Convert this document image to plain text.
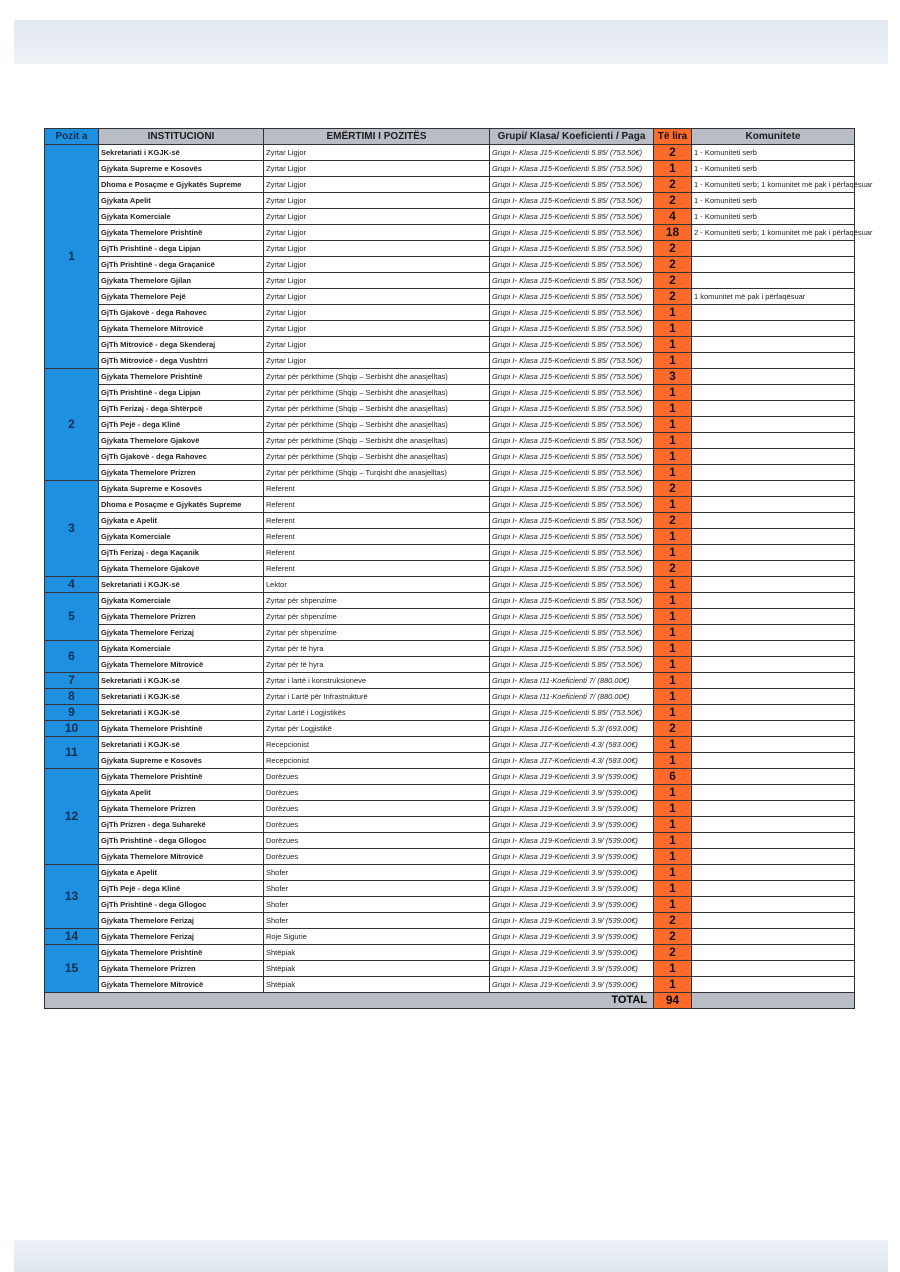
Pozit a	INSTITUCIONI	EMËRTIMI I POZITËS	Grupi/ Klasa/ Koeficienti / Paga	Të lira	Komunitete
1	Sekretariati i KGJK-së	Zyrtar Ligjor	Grupi I- Klasa J15-Koeficienti 5.85/ (753.50€)	2	1 - Komuniteti serb
	Gjykata Supreme e Kosovës	Zyrtar Ligjor	Grupi I- Klasa J15-Koeficienti 5.85/ (753.50€)	1	1 - Komuniteti serb
	Dhoma e Posaçme e Gjykatës Supreme	Zyrtar Ligjor	Grupi I- Klasa J15-Koeficienti 5.85/ (753.50€)	2	1 - Komuniteti serb; 1 komunitet më pak i përfaqësuar
	Gjykata Apelit	Zyrtar Ligjor	Grupi I- Klasa J15-Koeficienti 5.85/ (753.50€)	2	1 - Komuniteti serb
	Gjykata Komerciale	Zyrtar Ligjor	Grupi I- Klasa J15-Koeficienti 5.85/ (753.50€)	4	1 - Komuniteti serb
	Gjykata Themelore Prishtinë	Zyrtar Ligjor	Grupi I- Klasa J15-Koeficienti 5.85/ (753.50€)	18	2 - Komuniteti serb; 1 komunitet më pak i përfaqësuar
	GjTh Prishtinë - dega Lipjan	Zyrtar Ligjor	Grupi I- Klasa J15-Koeficienti 5.85/ (753.50€)	2	
	GjTh Prishtinë - dega Graçanicë	Zyrtar Ligjor	Grupi I- Klasa J15-Koeficienti 5.85/ (753.50€)	2	
	Gjykata Themelore Gjilan	Zyrtar Ligjor	Grupi I- Klasa J15-Koeficienti 5.85/ (753.50€)	2	
	Gjykata Themelore Pejë	Zyrtar Ligjor	Grupi I- Klasa J15-Koeficienti 5.85/ (753.50€)	2	1 komunitet më pak i përfaqësuar
	GjTh Gjakovë - dega Rahovec	Zyrtar Ligjor	Grupi I- Klasa J15-Koeficienti 5.85/ (753.50€)	1	
	Gjykata Themelore Mitrovicë	Zyrtar Ligjor	Grupi I- Klasa J15-Koeficienti 5.85/ (753.50€)	1	
	GjTh Mitrovicë - dega Skenderaj	Zyrtar Ligjor	Grupi I- Klasa J15-Koeficienti 5.85/ (753.50€)	1	
	GjTh Mitrovicë - dega Vushtrri	Zyrtar Ligjor	Grupi I- Klasa J15-Koeficienti 5.85/ (753.50€)	1	
2	Gjykata Themelore Prishtinë	Zyrtar për përkthime (Shqip – Serbisht dhe anasjelltas)	Grupi I- Klasa J15-Koeficienti 5.85/ (753.50€)	3	
	GjTh Prishtinë - dega Lipjan	Zyrtar për përkthime (Shqip – Serbisht dhe anasjelltas)	Grupi I- Klasa J15-Koeficienti 5.85/ (753.50€)	1	
	GjTh Ferizaj - dega Shtërpcë	Zyrtar për përkthime (Shqip – Serbisht dhe anasjelltas)	Grupi I- Klasa J15-Koeficienti 5.85/ (753.50€)	1	
	GjTh Pejë - dega Klinë	Zyrtar për përkthime (Shqip – Serbisht dhe anasjelltas)	Grupi I- Klasa J15-Koeficienti 5.85/ (753.50€)	1	
	Gjykata Themelore Gjakovë	Zyrtar për përkthime (Shqip – Serbisht dhe anasjelltas)	Grupi I- Klasa J15-Koeficienti 5.85/ (753.50€)	1	
	GjTh Gjakovë - dega Rahovec	Zyrtar për përkthime (Shqip – Serbisht dhe anasjelltas)	Grupi I- Klasa J15-Koeficienti 5.85/ (753.50€)	1	
	Gjykata Themelore Prizren	Zyrtar për përkthime (Shqip – Turqisht dhe anasjelltas)	Grupi I- Klasa J15-Koeficienti 5.85/ (753.50€)	1	
3	Gjykata Supreme e Kosovës	Referent	Grupi I- Klasa J15-Koeficienti 5.85/ (753.50€)	2	
	Dhoma e Posaçme e Gjykatës Supreme	Referent	Grupi I- Klasa J15-Koeficienti 5.85/ (753.50€)	1	
	Gjykata e Apelit	Referent	Grupi I- Klasa J15-Koeficienti 5.85/ (753.50€)	2	
	Gjykata Komerciale	Referent	Grupi I- Klasa J15-Koeficienti 5.85/ (753.50€)	1	
	GjTh Ferizaj - dega Kaçanik	Referent	Grupi I- Klasa J15-Koeficienti 5.85/ (753.50€)	1	
	Gjykata Themelore Gjakovë	Referent	Grupi I- Klasa J15-Koeficienti 5.85/ (753.50€)	2	
4	Sekretariati i KGJK-së	Lektor	Grupi I- Klasa J15-Koeficienti 5.85/ (753.50€)	1	
5	Gjykata Komerciale	Zyrtar për shpenzime	Grupi I- Klasa J15-Koeficienti 5.85/ (753.50€)	1	
	Gjykata Themelore Prizren	Zyrtar për shpenzime	Grupi I- Klasa J15-Koeficienti 5.85/ (753.50€)	1	
	Gjykata Themelore Ferizaj	Zyrtar për shpenzime	Grupi I- Klasa J15-Koeficienti 5.85/ (753.50€)	1	
6	Gjykata Komerciale	Zyrtar për të hyra	Grupi I- Klasa J15-Koeficienti 5.85/ (753.50€)	1	
	Gjykata Themelore Mitrovicë	Zyrtar për të hyra	Grupi I- Klasa J15-Koeficienti 5.85/ (753.50€)	1	
7	Sekretariati i KGJK-së	Zyrtar i lartë i konstruksioneve	Grupi I- Klasa I11-Koeficienti 7/ (880.00€)	1	
8	Sekretariati i KGJK-së	Zyrtar i Lartë për Infrastrukturë	Grupi I- Klasa I11-Koeficienti 7/ (880.00€)	1	
9	Sekretariati i KGJK-së	Zyrtar Lartë i Logjistikës	Grupi I- Klasa J15-Koeficienti 5.85/ (753.50€)	1	
10	Gjykata Themelore Prishtinë	Zyrtar për Logjistikë	Grupi I- Klasa J16-Koeficienti 5.3/ (693.00€)	2	
11	Sekretariati i KGJK-së	Recepcionist	Grupi I- Klasa J17-Koeficienti 4.3/ (583.00€)	1	
	Gjykata Supreme e Kosovës	Recepcionist	Grupi I- Klasa J17-Koeficienti 4.3/ (583.00€)	1	
12	Gjykata Themelore Prishtinë	Dorëzues	Grupi I- Klasa J19-Koeficienti 3.9/ (539.00€)	6	
	Gjykata Apelit	Dorëzues	Grupi I- Klasa J19-Koeficienti 3.9/ (539.00€)	1	
	Gjykata Themelore Prizren	Dorëzues	Grupi I- Klasa J19-Koeficienti 3.9/ (539.00€)	1	
	GjTh Prizren - dega Suharekë	Dorëzues	Grupi I- Klasa J19-Koeficienti 3.9/ (539.00€)	1	
	GjTh Prishtinë - dega Gllogoc	Dorëzues	Grupi I- Klasa J19-Koeficienti 3.9/ (539.00€)	1	
	Gjykata Themelore Mitrovicë	Dorëzues	Grupi I- Klasa J19-Koeficienti 3.9/ (539.00€)	1	
13	Gjykata e Apelit	Shofer	Grupi I- Klasa J19-Koeficienti 3.9/ (539.00€)	1	
	GjTh Pejë - dega Klinë	Shofer	Grupi I- Klasa J19-Koeficienti 3.9/ (539.00€)	1	
	GjTh Prishtinë - dega Gllogoc	Shofer	Grupi I- Klasa J19-Koeficienti 3.9/ (539.00€)	1	
	Gjykata Themelore Ferizaj	Shofer	Grupi I- Klasa J19-Koeficienti 3.9/ (539.00€)	2	
14	Gjykata Themelore Ferizaj	Roje Sigurie	Grupi I- Klasa J19-Koeficienti 3.9/ (539.00€)	2	
15	Gjykata Themelore Prishtinë	Shtëpiak	Grupi I- Klasa J19-Koeficienti 3.9/ (539.00€)	2	
	Gjykata Themelore Prizren	Shtëpiak	Grupi I- Klasa J19-Koeficienti 3.9/ (539.00€)	1	
	Gjykata Themelore Mitrovicë	Shtëpiak	Grupi I- Klasa J19-Koeficienti 3.9/ (539.00€)	1	
TOTAL				94	
